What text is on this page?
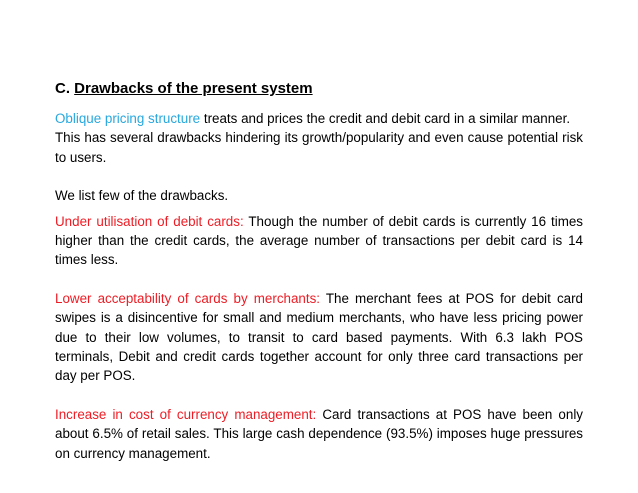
C. Drawbacks of the present system

Oblique pricing structure treats and prices the credit and debit card in a similar manner.

This has several drawbacks hindering its growth/popularity and even cause potential risk to users.

We list few of the drawbacks.

Under utilisation of debit cards: Though the number of debit cards is currently 16 times higher than the credit cards, the average number of transactions per debit card is 14 times less.

Lower acceptability of cards by merchants: The merchant fees at POS for debit card swipes is a disincentive for small and medium merchants, who have less pricing power due to their low volumes, to transit to card based payments. With 6.3 lakh POS terminals, Debit and credit cards together account for only three card transactions per day per POS.

Increase in cost of currency management: Card transactions at POS have been only about 6.5% of retail sales. This large cash dependence (93.5%) imposes huge pressures on currency management.
